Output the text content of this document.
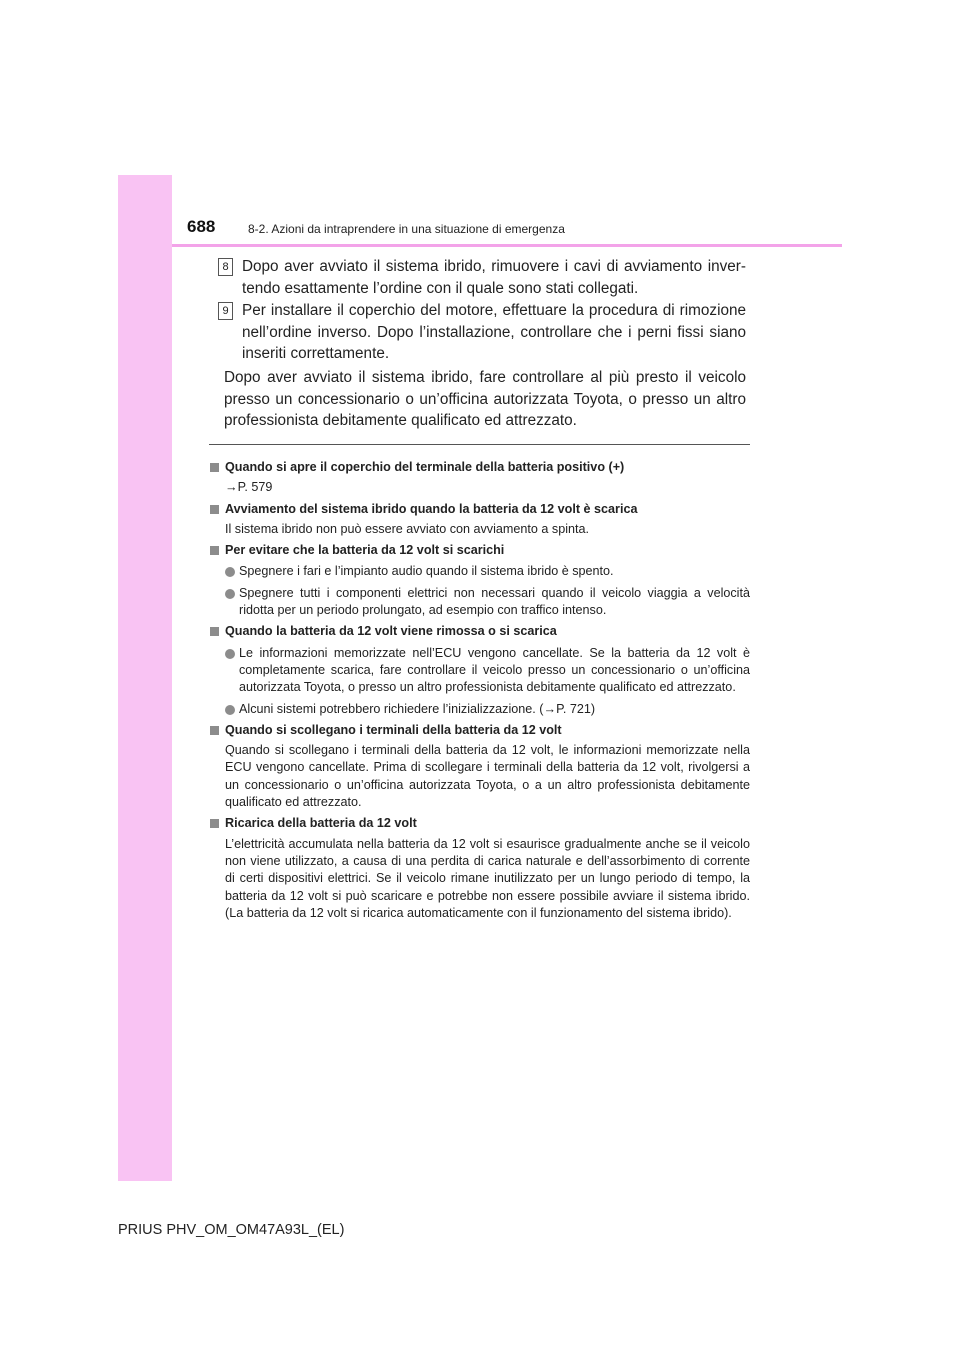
688	8-2. Azioni da intraprendere in una situazione di emergenza
8 Dopo aver avviato il sistema ibrido, rimuovere i cavi di avviamento invertendo esattamente l’ordine con il quale sono stati collegati.
9 Per installare il coperchio del motore, effettuare la procedura di rimozione nell’ordine inverso. Dopo l’installazione, controllare che i perni fissi siano inseriti correttamente.
Dopo aver avviato il sistema ibrido, fare controllare al più presto il veicolo presso un concessionario o un’officina autorizzata Toyota, o presso un altro professionista debitamente qualificato ed attrezzato.
Quando si apre il coperchio del terminale della batteria positivo (+)
→P. 579
Avviamento del sistema ibrido quando la batteria da 12 volt è scarica
Il sistema ibrido non può essere avviato con avviamento a spinta.
Per evitare che la batteria da 12 volt si scarichi
Spegnere i fari e l’impianto audio quando il sistema ibrido è spento.
Spegnere tutti i componenti elettrici non necessari quando il veicolo viaggia a velocità ridotta per un periodo prolungato, ad esempio con traffico intenso.
Quando la batteria da 12 volt viene rimossa o si scarica
Le informazioni memorizzate nell’ECU vengono cancellate. Se la batteria da 12 volt è completamente scarica, fare controllare il veicolo presso un concessionario o un’officina autorizzata Toyota, o presso un altro professionista debitamente qualificato ed attrezzato.
Alcuni sistemi potrebbero richiedere l’inizializzazione. (→P. 721)
Quando si scollegano i terminali della batteria da 12 volt
Quando si scollegano i terminali della batteria da 12 volt, le informazioni memorizzate nella ECU vengono cancellate. Prima di scollegare i terminali della batteria da 12 volt, rivolgersi a un concessionario o un’officina autorizzata Toyota, o a un altro professionista debitamente qualificato ed attrezzato.
Ricarica della batteria da 12 volt
L’elettricità accumulata nella batteria da 12 volt si esaurisce gradualmente anche se il veicolo non viene utilizzato, a causa di una perdita di carica naturale e dell’assorbimento di corrente di certi dispositivi elettrici. Se il veicolo rimane inutilizzato per un lungo periodo di tempo, la batteria da 12 volt si può scaricare e potrebbe non essere possibile avviare il sistema ibrido. (La batteria da 12 volt si ricarica automaticamente con il funzionamento del sistema ibrido).
PRIUS PHV_OM_OM47A93L_(EL)
